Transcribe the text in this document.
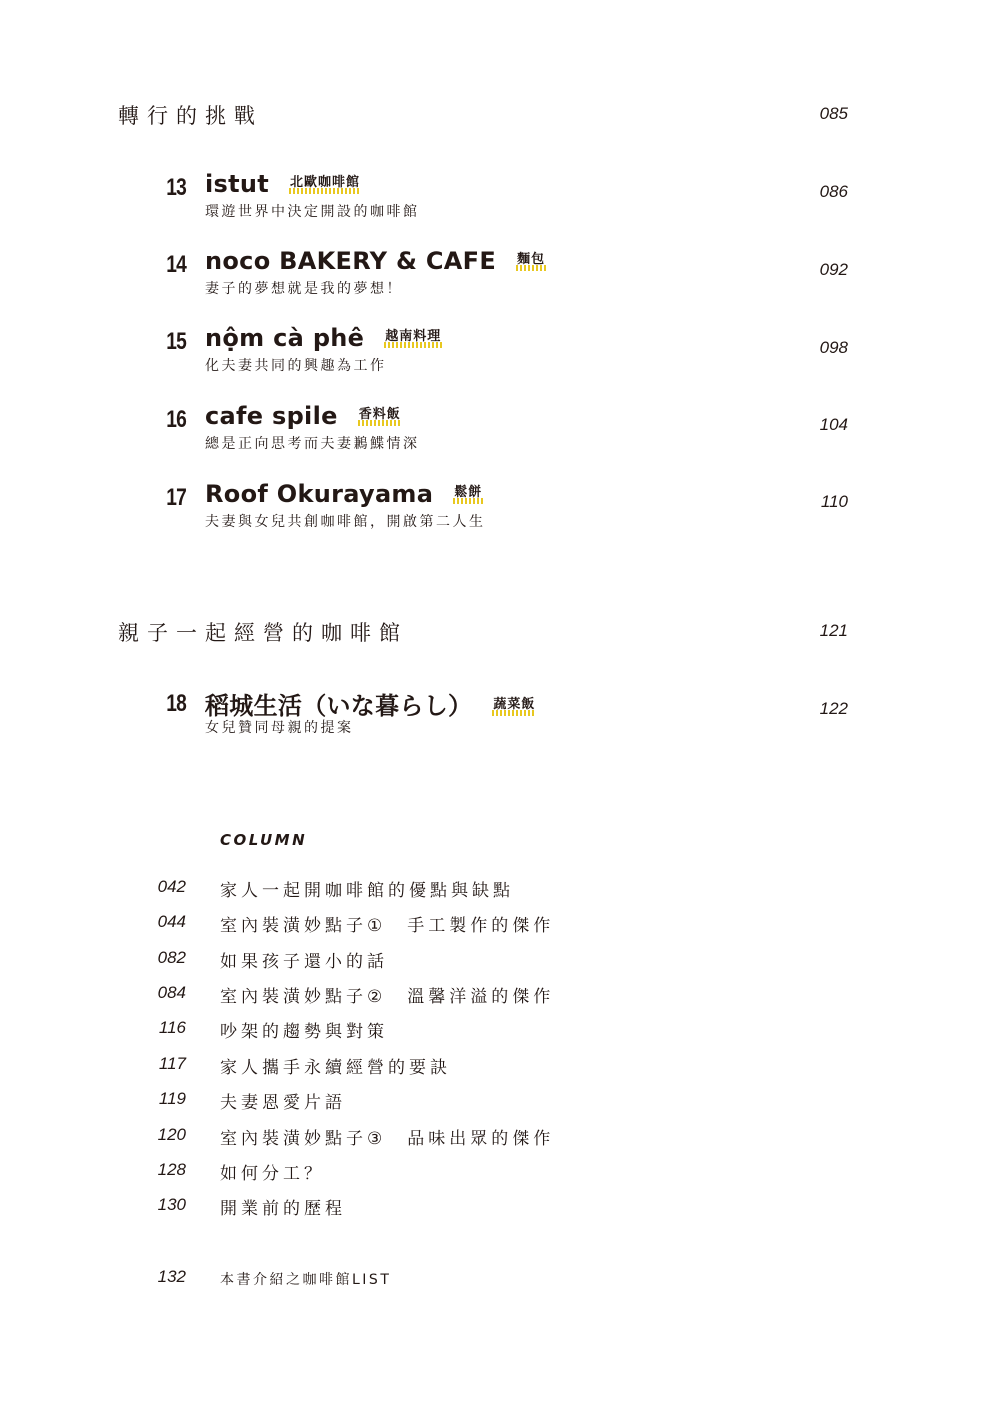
轉行的挑戰	085
13 istut 北歐咖啡館
環遊世界中決定開設的咖啡館
086
14 noco BAKERY & CAFE 麵包
妻子的夢想就是我的夢想！
092
15 nộm cà phê 越南料理
化夫妻共同的興趣為工作
098
16 cafe spile 香料飯
總是正向思考而夫妻鶼鰈情深
104
17 Roof Okurayama 鬆餅
夫妻與女兒共創咖啡館，開啟第二人生
110
親子一起經營的咖啡館	121
18 稻城生活（いな暮らし） 蔬菜飯
女兒贊同母親的提案
122
COLUMN
042 家人一起開咖啡館的優點與缺點
044 室內裝潢妙點子①　手工製作的傑作
082 如果孩子還小的話
084 室內裝潢妙點子②　溫馨洋溢的傑作
116 吵架的趨勢與對策
117 家人攜手永續經營的要訣
119 夫妻恩愛片語
120 室內裝潢妙點子③　品味出眾的傑作
128 如何分工？
130 開業前的歷程
132 本書介紹之咖啡館LIST
